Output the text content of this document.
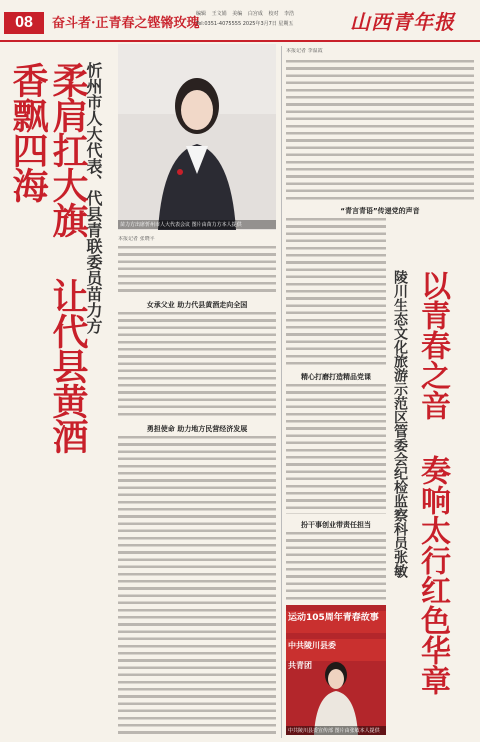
08	奋斗者·正青春之铿锵玫瑰
编辑 王文娟 美编 白宫成 校对 李浩
Tel:0351-4075555 2025年3月7日 星期五	山西青年报
柔肩扛大旗 让代县黄酒香飘四海	忻州市人大代表、代县青联委员苗力方	苗力方出席忻州市人大代表会议 图片由苗力方本人提供
本报记者 张晓平
女承父业 助力代县黄酒走向全国
勇担使命 助力地方民营经济发展
本报记者 李温霞
“青言青语”传递党的声音
精心打磨打造精品党课
扮干事创业带责任担当	陵川生态文化旅游示范区管委会纪检监察科员张敏 以青春之音 奏响太行红色华章
运动105周年青春故事
中共陵川县委
共青团
中共陵川县委宣传部 图片由张敏本人提供
